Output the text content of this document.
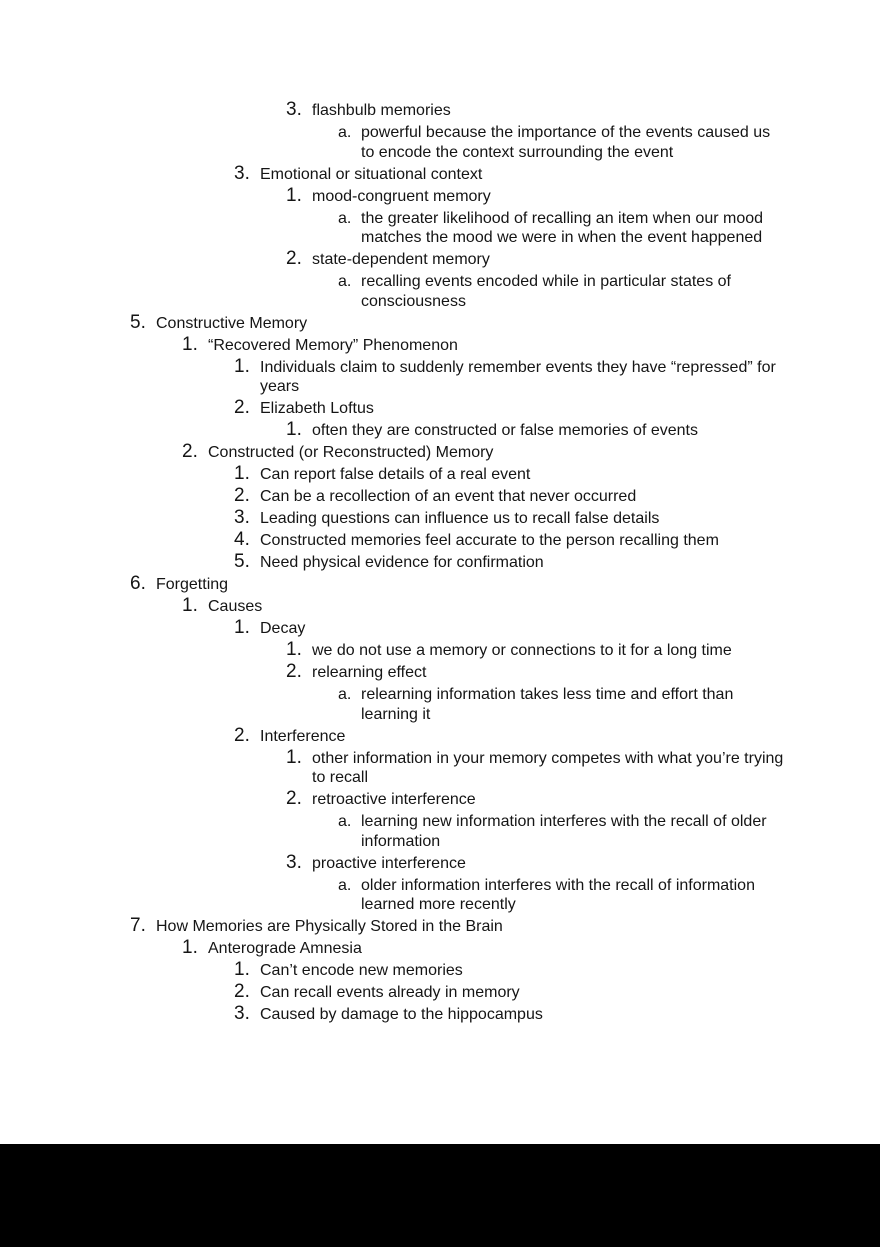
3. flashbulb memories
a. powerful because the importance of the events caused us to encode the context surrounding the event
3. Emotional or situational context
1. mood-congruent memory
a. the greater likelihood of recalling an item when our mood matches the mood we were in when the event happened
2. state-dependent memory
a. recalling events encoded while in particular states of consciousness
5. Constructive Memory
1. “Recovered Memory” Phenomenon
1. Individuals claim to suddenly remember events they have “repressed” for years
2. Elizabeth Loftus
1. often they are constructed or false memories of events
2. Constructed (or Reconstructed) Memory
1. Can report false details of a real event
2. Can be a recollection of an event that never occurred
3. Leading questions can influence us to recall false details
4. Constructed memories feel accurate to the person recalling them
5. Need physical evidence for confirmation
6. Forgetting
1. Causes
1. Decay
1. we do not use a memory or connections to it for a long time
2. relearning effect
a. relearning information takes less time and effort than learning it
2. Interference
1. other information in your memory competes with what you’re trying to recall
2. retroactive interference
a. learning new information interferes with the recall of older information
3. proactive interference
a. older information interferes with the recall of information learned more recently
7. How Memories are Physically Stored in the Brain
1. Anterograde Amnesia
1. Can’t encode new memories
2. Can recall events already in memory
3. Caused by damage to the hippocampus
